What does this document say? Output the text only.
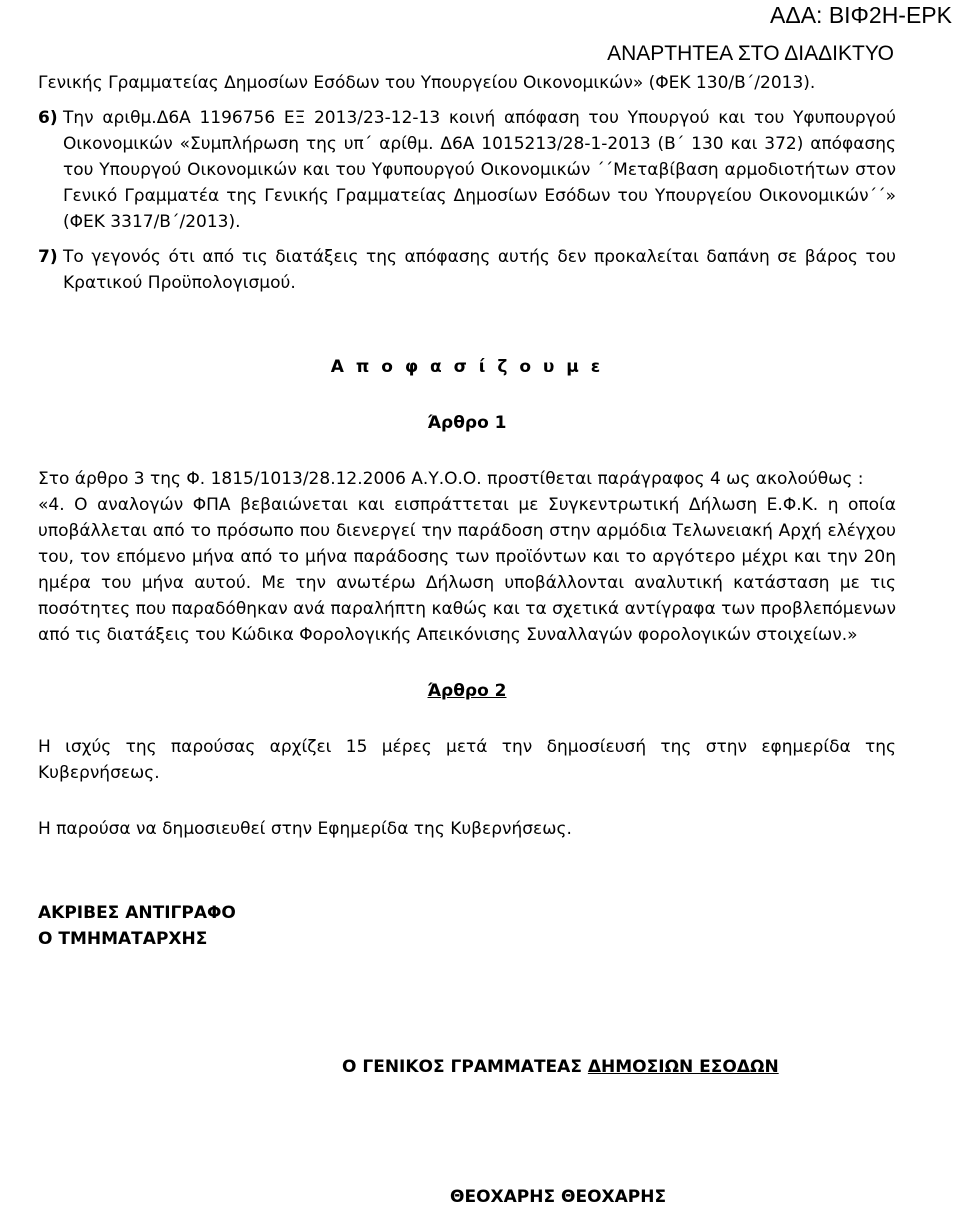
ΑΔΑ: ΒΙΦ2Η-ΕΡΚ
ΑΝΑΡΤΗΤΕΑ ΣΤΟ ΔΙΑΔΙΚΤΥΟ

Γενικής Γραμματείας Δημοσίων Εσόδων του Υπουργείου Οικονομικών» (ΦΕΚ 130/Β΄/2013).

6) Την αριθμ.Δ6Α 1196756 ΕΞ 2013/23-12-13 κοινή απόφαση του Υπουργού και του Υφυπουργού Οικονομικών «Συμπλήρωση της υπ΄ αρίθμ. Δ6Α 1015213/28-1-2013 (Β΄ 130 και 372) απόφασης του Υπουργού Οικονομικών και του Υφυπουργού Οικονομικών ΄΄Μεταβίβαση αρμοδιοτήτων στον Γενικό Γραμματέα της Γενικής Γραμματείας Δημοσίων Εσόδων του Υπουργείου Οικονομικών΄΄» (ΦΕΚ 3317/Β΄/2013).
7) Το γεγονός ότι από τις διατάξεις της απόφασης αυτής δεν προκαλείται δαπάνη σε βάρος του Κρατικού Προϋπολογισμού.

Α π ο φ α σ ί ζ ο υ μ ε

Άρθρο 1

Στο άρθρο 3 της Φ. 1815/1013/28.12.2006 Α.Υ.Ο.Ο. προστίθεται παράγραφος 4 ως ακολούθως :

«4. Ο αναλογών ΦΠΑ βεβαιώνεται και εισπράττεται με Συγκεντρωτική Δήλωση Ε.Φ.Κ. η οποία υποβάλλεται από το πρόσωπο που διενεργεί την παράδοση στην αρμόδια Τελωνειακή Αρχή ελέγχου του, τον επόμενο μήνα από το μήνα παράδοσης των προϊόντων και το αργότερο μέχρι και την 20η ημέρα του μήνα αυτού. Με την ανωτέρω Δήλωση υποβάλλονται αναλυτική κατάσταση με τις ποσότητες που παραδόθηκαν ανά παραλήπτη καθώς και τα σχετικά αντίγραφα των προβλεπόμενων από τις διατάξεις του Κώδικα Φορολογικής Απεικόνισης Συναλλαγών φορολογικών στοιχείων.»

Άρθρο 2

Η ισχύς της παρούσας αρχίζει 15 μέρες μετά την δημοσίευσή της στην εφημερίδα της Κυβερνήσεως.

Η παρούσα να δημοσιευθεί στην Εφημερίδα της Κυβερνήσεως.

ΑΚΡΙΒΕΣ ΑΝΤΙΓΡΑΦΟ

Ο ΤΜΗΜΑΤΑΡΧΗΣ

Ο ΓΕΝΙΚΟΣ ΓΡΑΜΜΑΤΕΑΣ ΔΗΜΟΣΙΩΝ ΕΣΟΔΩΝ

ΘΕΟΧΑΡΗΣ ΘΕΟΧΑΡΗΣ
